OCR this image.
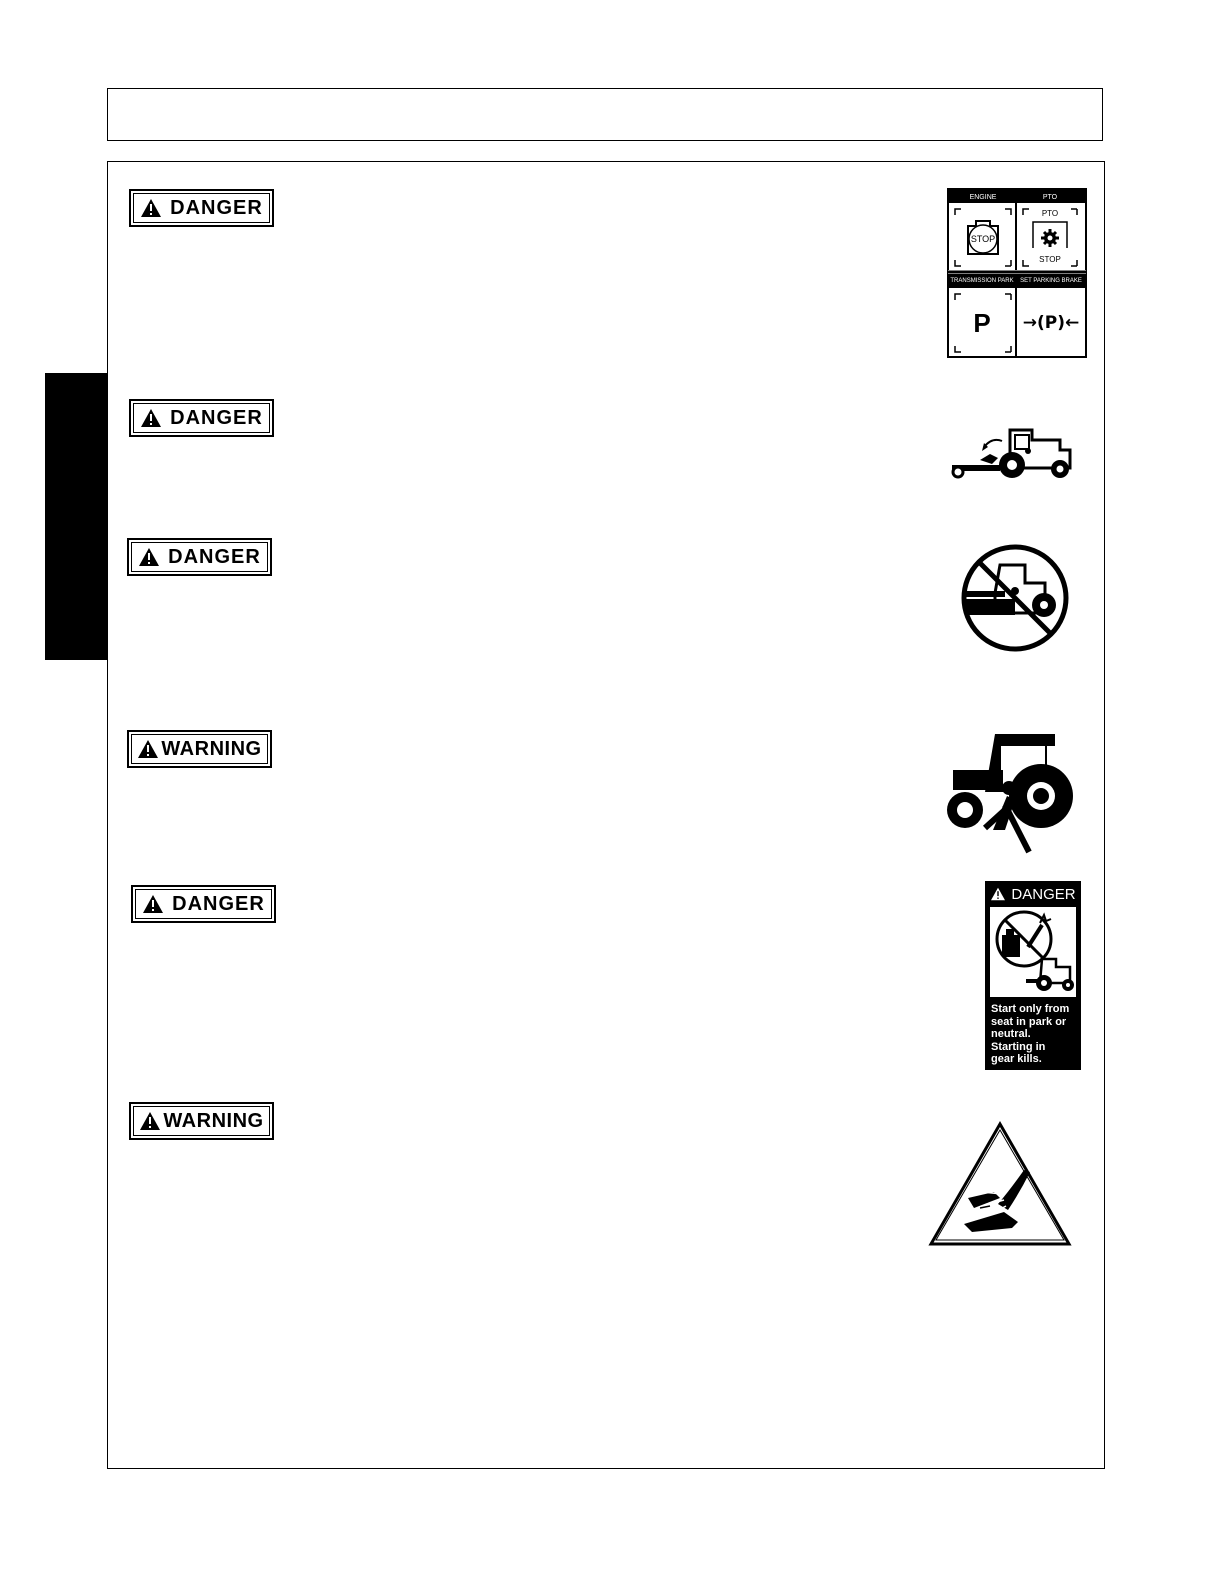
DANGER
DANGER
DANGER
WARNING
DANGER
WARNING
ENGINE	PTO
STOP
PTO
STOP
TRANSMISSION PARK SET PARKING BRAKE
P →(P)←
DANGER
Start only from
seat in park or
neutral.
Starting in
gear kills.
